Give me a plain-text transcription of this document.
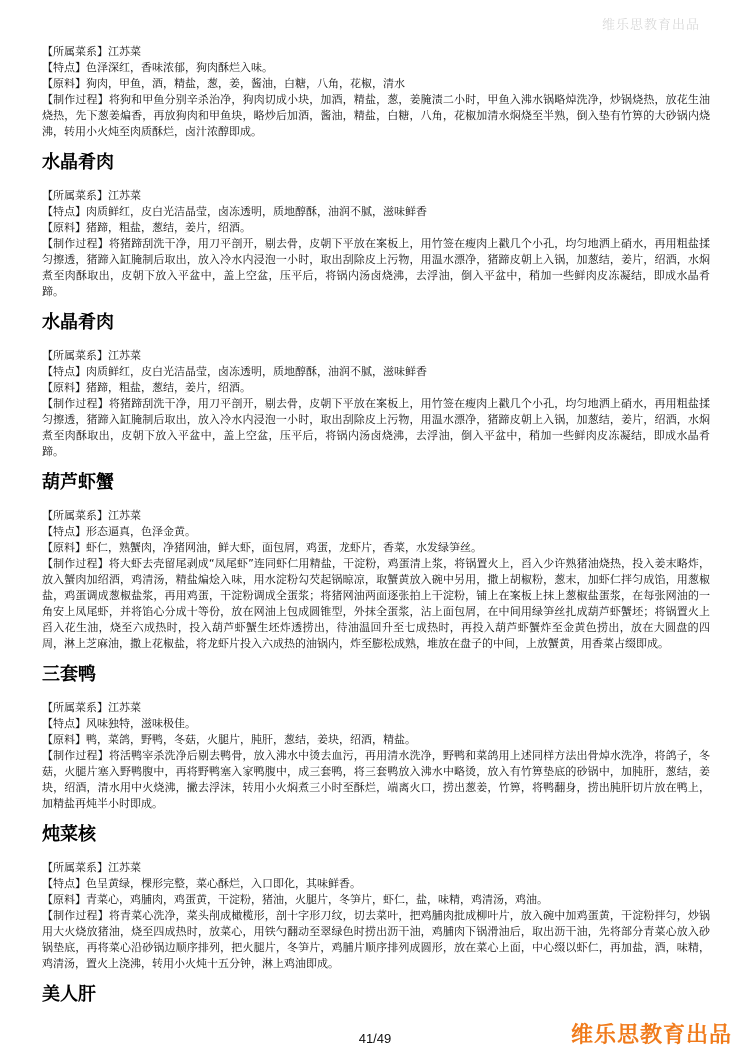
维乐思教育出品

【所属菜系】江苏菜

【特点】色泽深红，香味浓郁，狗肉酥烂入味。

【原料】狗肉，甲鱼，酒，精盐，葱，姜，酱油，白糖，八角，花椒，清水

【制作过程】将狗和甲鱼分别辛杀治净，狗肉切成小块，加酒，精盐，葱，姜腌渍二小时，甲鱼入沸水锅略焯洗净，炒锅烧热，放花生油烧热，先下葱姜煸香，再放狗肉和甲鱼块，略炒后加酒，酱油，精盐，白糖，八角，花椒加清水焖烧至半熟，倒入垫有竹箅的大砂锅内烧沸，转用小火炖至肉质酥烂，卤汁浓醇即成。

水晶肴肉

【所属菜系】江苏菜

【特点】肉质鲜红，皮白光洁晶莹，卤冻透明，质地醇酥，油润不腻，滋味鲜香

【原料】猪蹄，粗盐，葱结，姜片，绍酒。

【制作过程】将猪蹄刮洗干净，用刀平剖开，剔去骨，皮朝下平放在案板上，用竹签在瘦肉上戳几个小孔，均匀地洒上硝水，再用粗盐揉匀擦透，猪蹄入缸腌制后取出，放入冷水内浸泡一小时，取出刮除皮上污物，用温水漂净，猪蹄皮朝上入锅，加葱结，姜片，绍酒，水焖煮至肉酥取出，皮朝下放入平盆中，盖上空盆，压平后，将锅内汤卤烧沸，去浮油，倒入平盆中，稍加一些鲜肉皮冻凝结，即成水晶肴蹄。

水晶肴肉

【所属菜系】江苏菜

【特点】肉质鲜红，皮白光洁晶莹，卤冻透明，质地醇酥，油润不腻，滋味鲜香

【原料】猪蹄，粗盐，葱结，姜片，绍酒。

【制作过程】将猪蹄刮洗干净，用刀平剖开，剔去骨，皮朝下平放在案板上，用竹签在瘦肉上戳几个小孔，均匀地洒上硝水，再用粗盐揉匀擦透，猪蹄入缸腌制后取出，放入冷水内浸泡一小时，取出刮除皮上污物，用温水漂净，猪蹄皮朝上入锅，加葱结，姜片，绍酒，水焖煮至肉酥取出，皮朝下放入平盆中，盖上空盆，压平后，将锅内汤卤烧沸，去浮油，倒入平盆中，稍加一些鲜肉皮冻凝结，即成水晶肴蹄。

葫芦虾蟹

【所属菜系】江苏菜

【特点】形态逼真，色泽金黄。

【原料】虾仁，熟蟹肉，净猪网油，鲜大虾，面包屑，鸡蛋，龙虾片，香菜，水发绿笋丝。

【制作过程】将大虾去壳留尾剥成“凤尾虾”连同虾仁用精盐，干淀粉，鸡蛋清上浆，将锅置火上，舀入少许熟猪油烧热，投入姜末略炸，放入蟹肉加绍酒，鸡清汤，精盐煸烩入味，用水淀粉勾芡起锅晾凉，取蟹黄放入碗中另用，撒上胡椒粉，葱末，加虾仁拌匀成馅，用葱椒盐，鸡蛋调成葱椒盐浆，再用鸡蛋，干淀粉调成全蛋浆；将猪网油两面逐张拍上干淀粉，铺上在案板上抹上葱椒盐蛋浆，在每张网油的一角安上凤尾虾，并将馅心分成十等份，放在网油上包成圆锥型，外抹全蛋浆，沾上面包屑，在中间用绿笋丝扎成葫芦虾蟹坯；将锅置火上舀入花生油，烧至六成热时，投入葫芦虾蟹生坯炸透捞出，待油温回升至七成热时，再投入葫芦虾蟹炸至金黄色捞出，放在大圆盘的四周，淋上芝麻油，撒上花椒盐，将龙虾片投入六成热的油锅内，炸至膨松成熟，堆放在盘子的中间，上放蟹黄，用香菜占缀即成。

三套鸭

【所属菜系】江苏菜

【特点】风味独特，滋味极佳。

【原料】鸭，菜鸽，野鸭，冬菇，火腿片，肫肝，葱结，姜块，绍酒，精盐。

【制作过程】将活鸭宰杀洗净后剔去鸭骨，放入沸水中烫去血污，再用清水洗净，野鸭和菜鸽用上述同样方法出骨焯水洗净，将鸽子，冬菇，火腿片塞入野鸭腹中，再将野鸭塞入家鸭腹中，成三套鸭，将三套鸭放入沸水中略烫，放入有竹箅垫底的砂锅中，加肫肝，葱结，姜块，绍酒，清水用中火烧沸，撇去浮沫，转用小火焖煮三小时至酥烂，端离火口，捞出葱姜，竹箅，将鸭翻身，捞出肫肝切片放在鸭上，加精盐再炖半小时即成。

炖菜核

【所属菜系】江苏菜

【特点】色呈黄绿，棵形完整，菜心酥烂，入口即化，其味鲜香。

【原料】青菜心，鸡脯肉，鸡蛋黄，干淀粉，猪油，火腿片，冬笋片，虾仁，盐，味精，鸡清汤，鸡油。

【制作过程】将青菜心洗净，菜头削成橄榄形，剖十字形刀纹，切去菜叶，把鸡脯肉批成柳叶片，放入碗中加鸡蛋黄，干淀粉拌匀，炒锅用大火烧放猪油，烧至四成热时，放菜心，用铁勺翻动至翠绿色时捞出沥干油，鸡脯肉下锅滑油后，取出沥干油，先将部分青菜心放入砂锅垫底，再将菜心沿砂锅边顺序排列，把火腿片，冬笋片，鸡脯片顺序排列成圆形，放在菜心上面，中心缀以虾仁，再加盐，酒，味精，鸡清汤，置火上浇沸，转用小火炖十五分钟，淋上鸡油即成。

美人肝
41/49	维乐思教育出品
